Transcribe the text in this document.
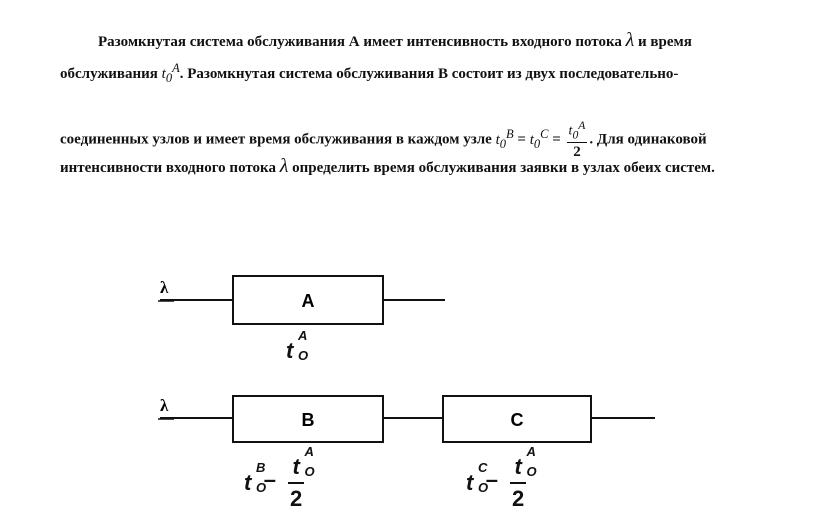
Разомкнутая система обслуживания А имеет интенсивность входного потока λ и время
обслуживания $t_0^A$. Разомкнутая система обслуживания В состоит из двух последовательно-
соединенных узлов и имеет время обслуживания в каждом узле $t_0^B = t_0^C = \frac{t_0^A}{2}$ . Для одинаковой
интенсивности входного потока λ определить время обслуживания заявки в узлах обеих систем.
λ
A
λ
B	C
t
A
O
t
B
O
–
t
A
O
2
t
C
O
–
t
A
O
2
